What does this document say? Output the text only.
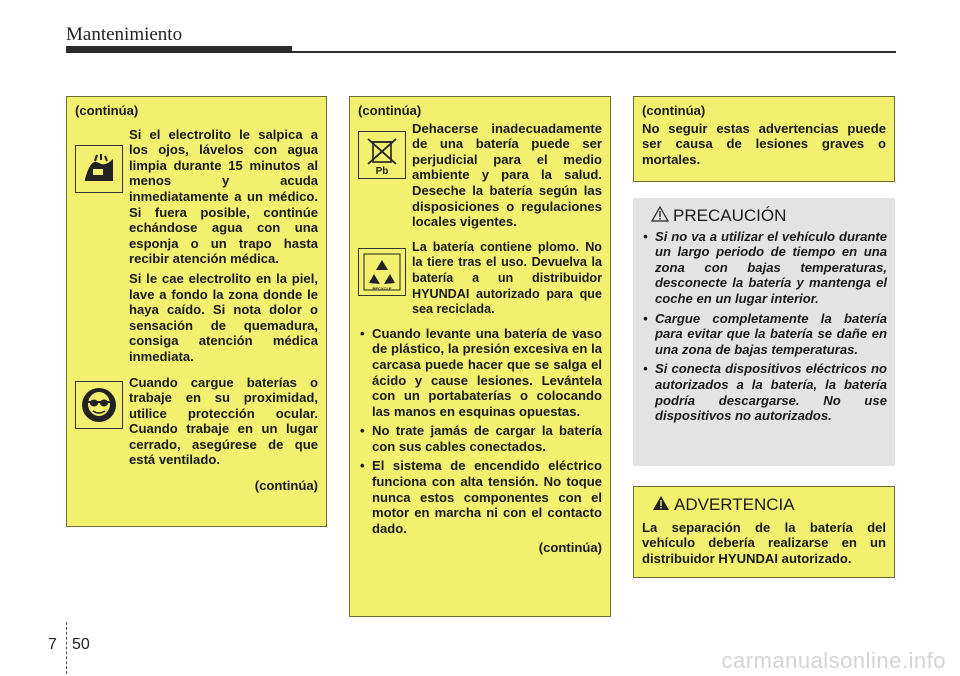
Mantenimiento
(continúa)

Si el electrolito le salpica a los ojos, lávelos con agua limpia durante 15 minutos al menos y acuda inmediatamente a un médico. Si fuera posible, continúe echándose agua con una esponja o un trapo hasta recibir atención médica.

Si le cae electrolito en la piel, lave a fondo la zona donde le haya caído. Si nota dolor o sensación de quemadura, consiga atención médica inmediata.

Cuando cargue baterías o trabaje en su proximidad, utilice protección ocular. Cuando trabaje en un lugar cerrado, asegúrese de que está ventilado.

(continúa)
(continúa)
Pb

Dehacerse inadecuadamente de una batería puede ser perjudicial para el medio ambiente y para la salud. Deseche la batería según las disposiciones o regulaciones locales vigentes.

RECYCLE

La batería contiene plomo. No la tiere tras el uso. Devuelva la batería a un distribuidor HYUNDAI autorizado para que sea reciclada.

• Cuando levante una batería de vaso de plástico, la presión excesiva en la carcasa puede hacer que se salga el ácido y cause lesiones. Levántela con un portabaterías o colocando las manos en esquinas opuestas.
• No trate jamás de cargar la batería con sus cables conectados.
• El sistema de encendido eléctrico funciona con alta tensión. No toque nunca estos componentes con el motor en marcha ni con el contacto dado.
(continúa)
(continúa)

No seguir estas advertencias puede ser causa de lesiones graves o mortales.

PRECAUCIÓN
• Si no va a utilizar el vehículo durante un largo periodo de tiempo en una zona con bajas temperaturas, desconecte la batería y mantenga el coche en un lugar interior.
• Cargue completamente la batería para evitar que la batería se dañe en una zona de bajas temperaturas.
• Si conecta dispositivos eléctricos no autorizados a la batería, la batería podría descargarse. No use dispositivos no autorizados.
ADVERTENCIA

La separación de la batería del vehículo debería realizarse en un distribuidor HYUNDAI autorizado.

7 50
carmanualsonline.info
